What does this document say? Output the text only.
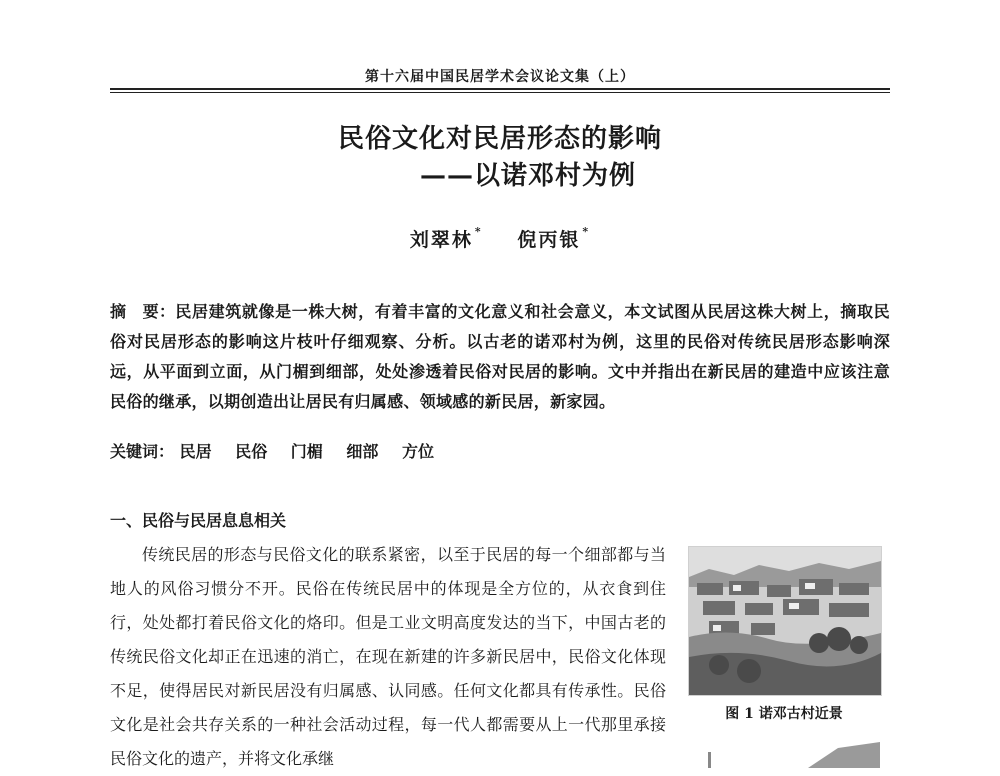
第十六届中国民居学术会议论文集（上）
民俗文化对民居形态的影响
——以诺邓村为例
刘翠林 * 倪丙银 *
摘　要：民居建筑就像是一株大树，有着丰富的文化意义和社会意义，本文试图从民居这株大树上，摘取民俗对民居形态的影响这片枝叶仔细观察、分析。以古老的诺邓村为例，这里的民俗对传统民居形态影响深远，从平面到立面，从门楣到细部，处处渗透着民俗对民居的影响。文中并指出在新民居的建造中应该注意民俗的继承，以期创造出让居民有归属感、领域感的新民居，新家园。
关键词： 民居 民俗 门楣 细部 方位
一、民俗与民居息息相关
传统民居的形态与民俗文化的联系紧密，以至于民居的每一个细部都与当地人的风俗习惯分不开。民俗在传统民居中的体现是全方位的，从衣食到住行，处处都打着民俗文化的烙印。但是工业文明高度发达的当下，中国古老的传统民俗文化却正在迅速的消亡，在现在新建的许多新民居中，民俗文化体现不足，使得居民对新民居没有归属感、认同感。任何文化都具有传承性。民俗文化是社会共存关系的一种社会活动过程，每一代人都需要从上一代那里承接民俗文化的遗产，并将文化承继
图 1 诺邓古村近景
